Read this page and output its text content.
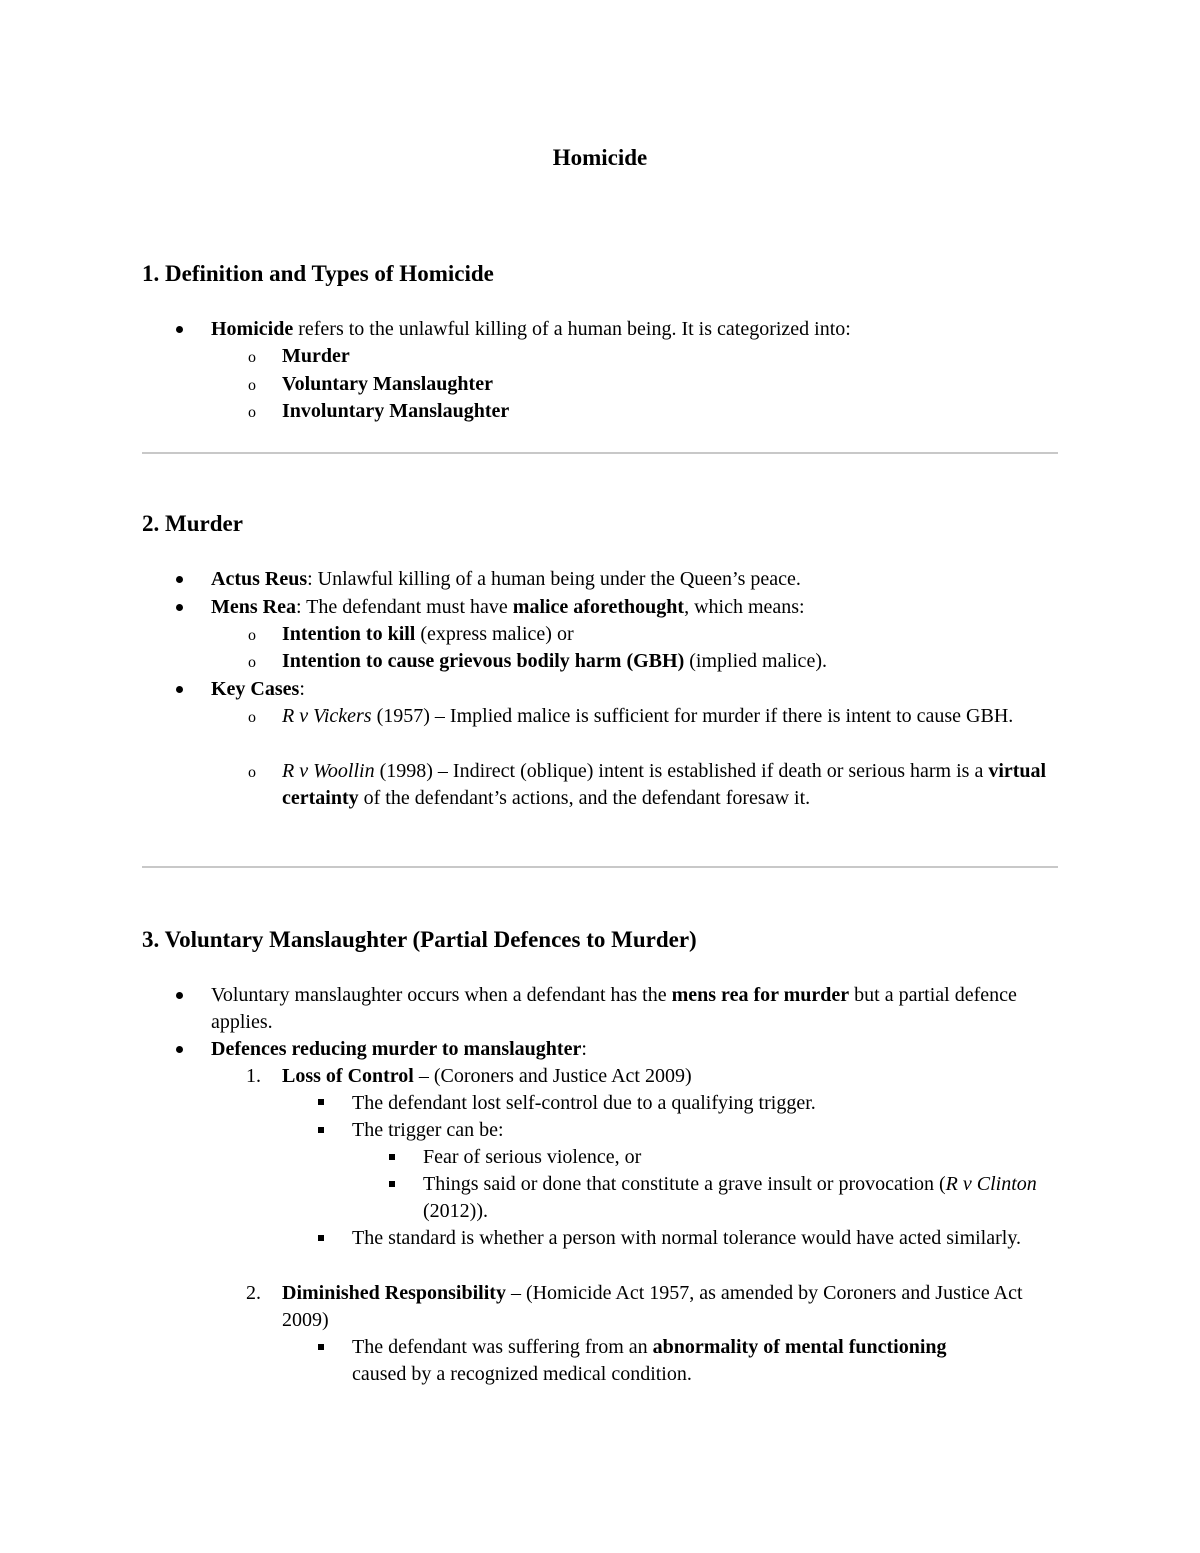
Homicide
1. Definition and Types of Homicide
Homicide refers to the unlawful killing of a human being. It is categorized into:
o Murder
o Voluntary Manslaughter
o Involuntary Manslaughter
2. Murder
Actus Reus: Unlawful killing of a human being under the Queen’s peace.
Mens Rea: The defendant must have malice aforethought, which means:
o Intention to kill (express malice) or
o Intention to cause grievous bodily harm (GBH) (implied malice).
Key Cases:
o R v Vickers (1957) – Implied malice is sufficient for murder if there is intent to cause GBH.
o R v Woollin (1998) – Indirect (oblique) intent is established if death or serious harm is a virtual certainty of the defendant’s actions, and the defendant foresaw it.
3. Voluntary Manslaughter (Partial Defences to Murder)
Voluntary manslaughter occurs when a defendant has the mens rea for murder but a partial defence applies.
Defences reducing murder to manslaughter:
1. Loss of Control – (Coroners and Justice Act 2009)
The defendant lost self-control due to a qualifying trigger.
The trigger can be:
Fear of serious violence, or
Things said or done that constitute a grave insult or provocation (R v Clinton (2012)).
The standard is whether a person with normal tolerance would have acted similarly.
2. Diminished Responsibility – (Homicide Act 1957, as amended by Coroners and Justice Act 2009)
The defendant was suffering from an abnormality of mental functioning caused by a recognized medical condition.
